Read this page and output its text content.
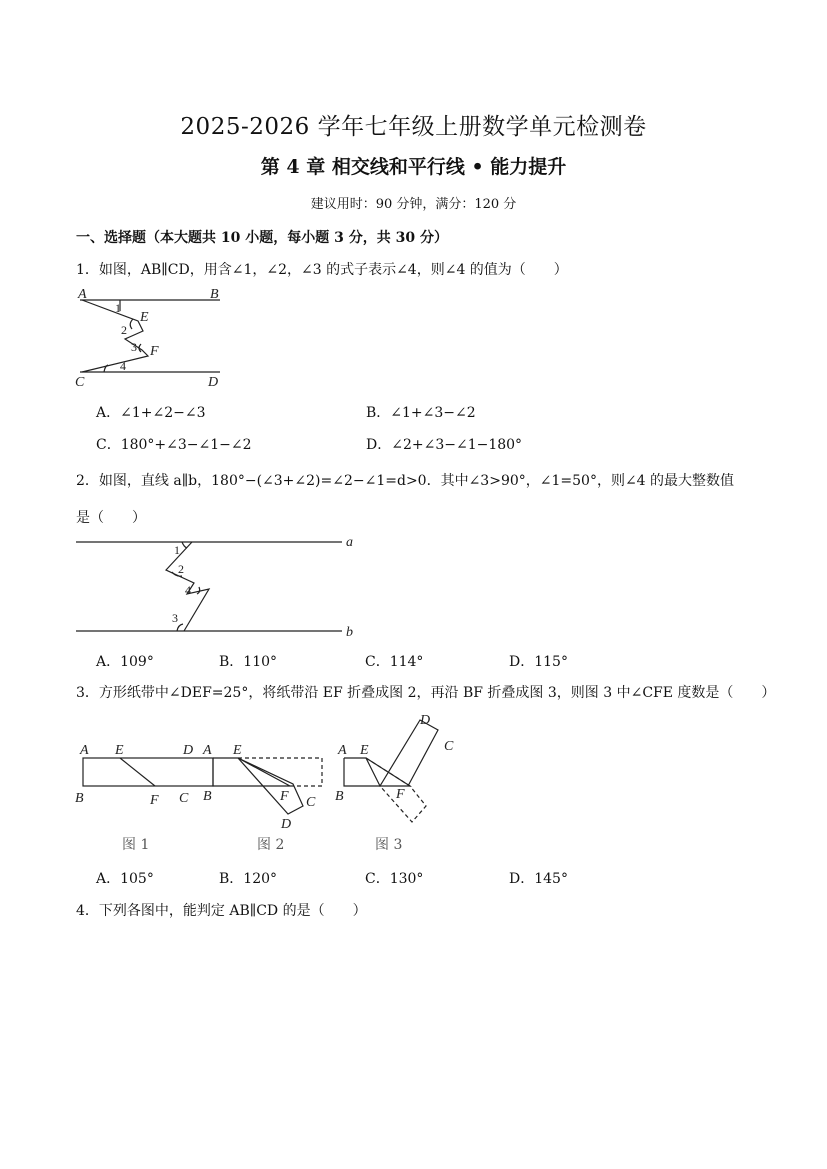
2025-2026 学年七年级上册数学单元检测卷
第 4 章 相交线和平行线 • 能力提升
建议用时：90 分钟，满分：120 分
一、选择题（本大题共 10 小题，每小题 3 分，共 30 分）
1．如图，AB∥CD，用含∠1，∠2，∠3 的式子表示∠4，则∠4 的值为（　　）
A	B
E
F
C	D
1
2
3
4
A．∠1+∠2−∠3	B．∠1+∠3−∠2
C．180°+∠3−∠1−∠2	D．∠2+∠3−∠1−180°
2．如图，直线 a∥b，180°−(∠3+∠2)=∠2−∠1=d>0．其中∠3>90°，∠1=50°，则∠4 的最大整数值
是（　　）
a
b
1
2
4
3
A．109°	B．110°	C．114°	D．115°
3．方形纸带中∠DEF=25°，将纸带沿 EF 折叠成图 2，再沿 BF 折叠成图 3，则图 3 中∠CFE 度数是（　　）
A E	D
B	F C
图 1
A E
B	F C
D
图 2
A E
B	F
D
C
图 3
A．105°	B．120°	C．130°	D．145°
4．下列各图中，能判定 AB∥CD 的是（　　）
